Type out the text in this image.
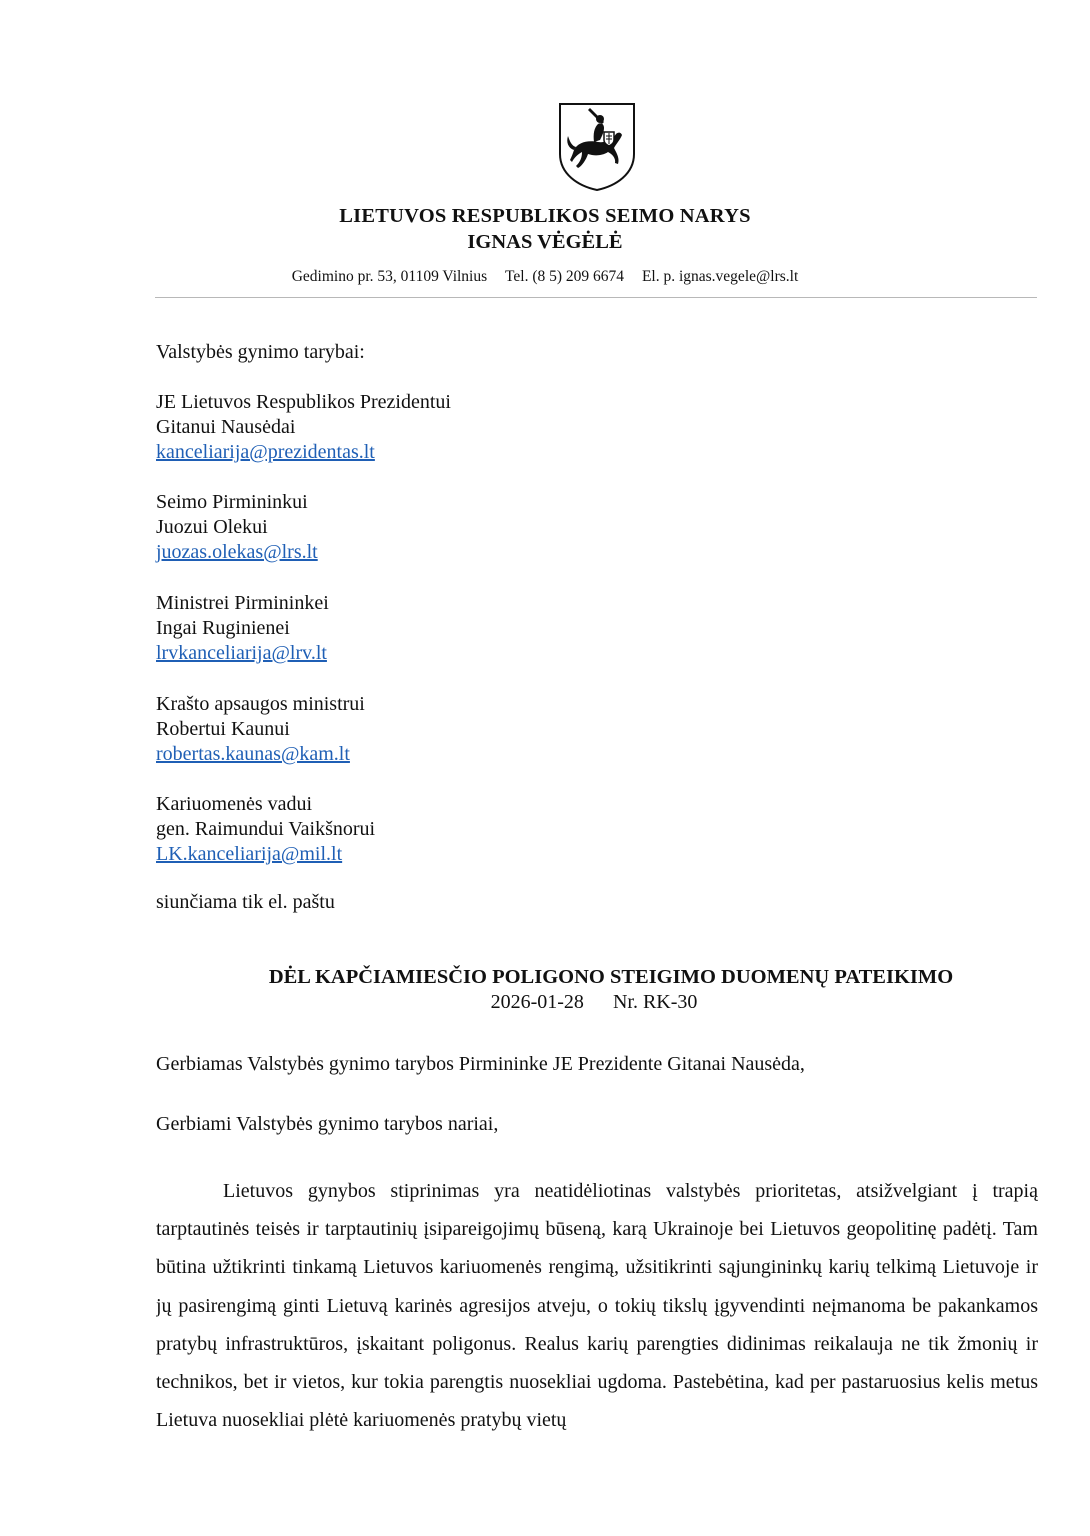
LIETUVOS RESPUBLIKOS SEIMO NARYS
IGNAS VĖGĖLĖ
Gedimino pr. 53, 01109 Vilnius Tel. (8 5) 209 6674 El. p. ignas.vegele@lrs.lt
Valstybės gynimo tarybai:
JE Lietuvos Respublikos Prezidentui
Gitanui Nausėdai
kanceliarija@prezidentas.lt
Seimo Pirmininkui
Juozui Olekui
juozas.olekas@lrs.lt
Ministrei Pirmininkei
Ingai Ruginienei
lrvkanceliarija@lrv.lt
Krašto apsaugos ministrui
Robertui Kaunui
robertas.kaunas@kam.lt
Kariuomenės vadui
gen. Raimundui Vaikšnorui
LK.kanceliarija@mil.lt
siunčiama tik el. paštu
DĖL KAPČIAMIESČIO POLIGONO STEIGIMO DUOMENŲ PATEIKIMO
2026-01-28 Nr. RK-30
Gerbiamas Valstybės gynimo tarybos Pirmininke JE Prezidente Gitanai Nausėda,
Gerbiami Valstybės gynimo tarybos nariai,
Lietuvos gynybos stiprinimas yra neatidėliotinas valstybės prioritetas, atsižvelgiant į trapią tarptautinės teisės ir tarptautinių įsipareigojimų būseną, karą Ukrainoje bei Lietuvos geopolitinę padėtį. Tam būtina užtikrinti tinkamą Lietuvos kariuomenės rengimą, užsitikrinti sąjungininkų karių telkimą Lietuvoje ir jų pasirengimą ginti Lietuvą karinės agresijos atveju, o tokių tikslų įgyvendinti neįmanoma be pakankamos pratybų infrastruktūros, įskaitant poligonus. Realus karių parengties didinimas reikalauja ne tik žmonių ir technikos, bet ir vietos, kur tokia parengtis nuosekliai ugdoma. Pastebėtina, kad per pastaruosius kelis metus Lietuva nuosekliai plėtė kariuomenės pratybų vietų
